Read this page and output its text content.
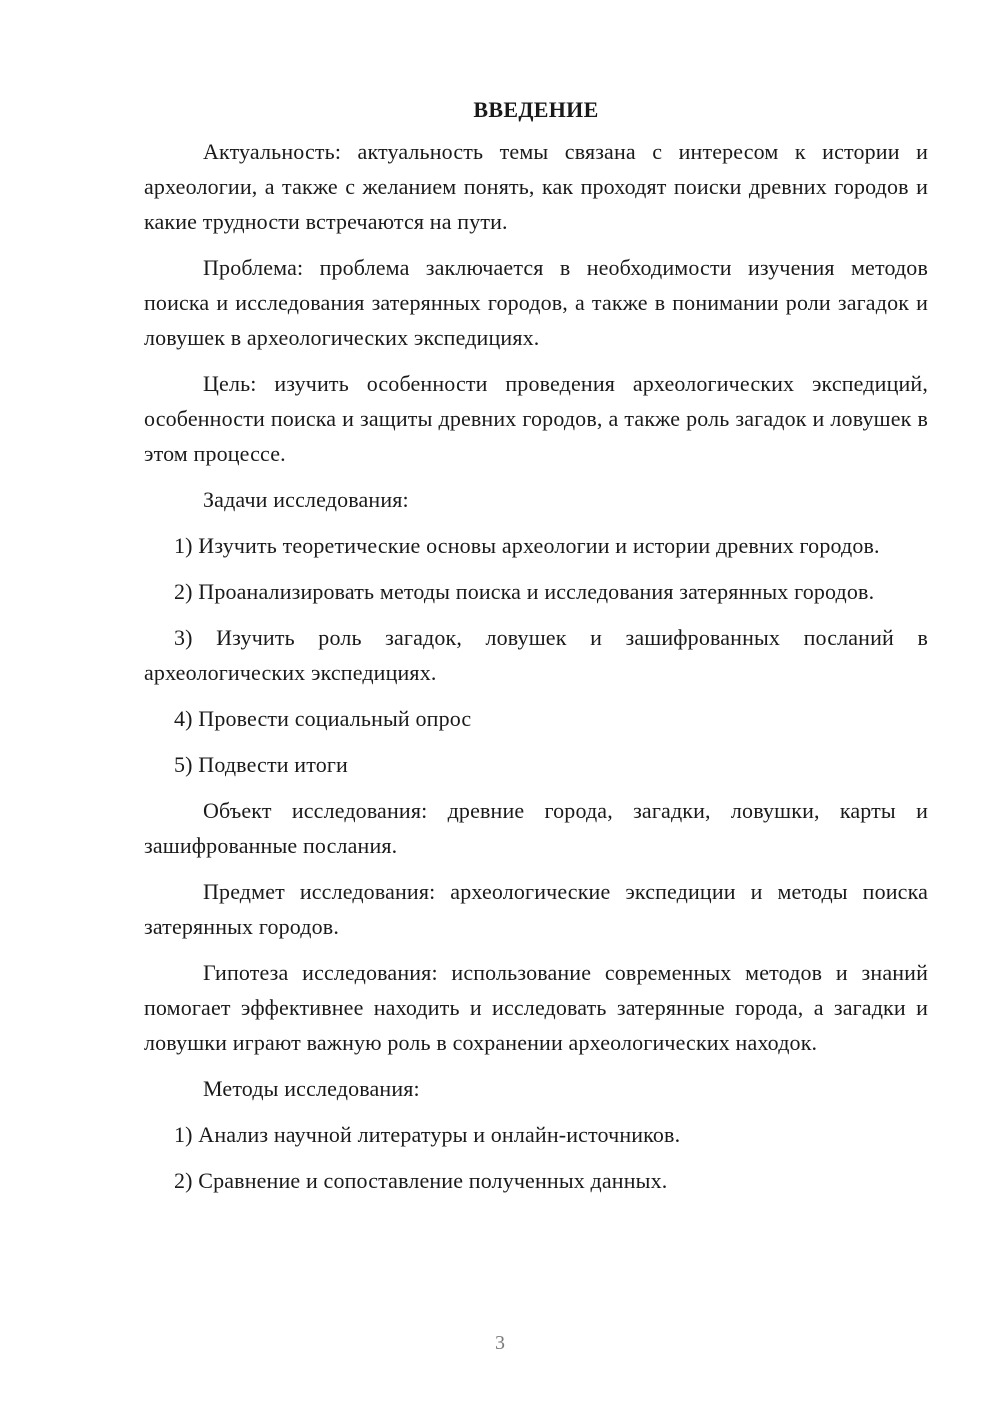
ВВЕДЕНИЕ

Актуальность: актуальность темы связана с интересом к истории и археологии, а также с желанием понять, как проходят поиски древних городов и какие трудности встречаются на пути.

Проблема: проблема заключается в необходимости изучения методов поиска и исследования затерянных городов, а также в понимании роли загадок и ловушек в археологических экспедициях.

Цель: изучить особенности проведения археологических экспедиций, особенности поиска и защиты древних городов, а также роль загадок и ловушек в этом процессе.

Задачи исследования:

1) Изучить теоретические основы археологии и истории древних городов.

2) Проанализировать методы поиска и исследования затерянных городов.

3) Изучить роль загадок, ловушек и зашифрованных посланий в археологических экспедициях.

4) Провести социальный опрос

5) Подвести итоги

Объект исследования: древние города, загадки, ловушки, карты и зашифрованные послания.

Предмет исследования: археологические экспедиции и методы поиска затерянных городов.

Гипотеза исследования: использование современных методов и знаний помогает эффективнее находить и исследовать затерянные города, а загадки и ловушки играют важную роль в сохранении археологических находок.

Методы исследования:

1) Анализ научной литературы и онлайн-источников.

2) Сравнение и сопоставление полученных данных.

3
